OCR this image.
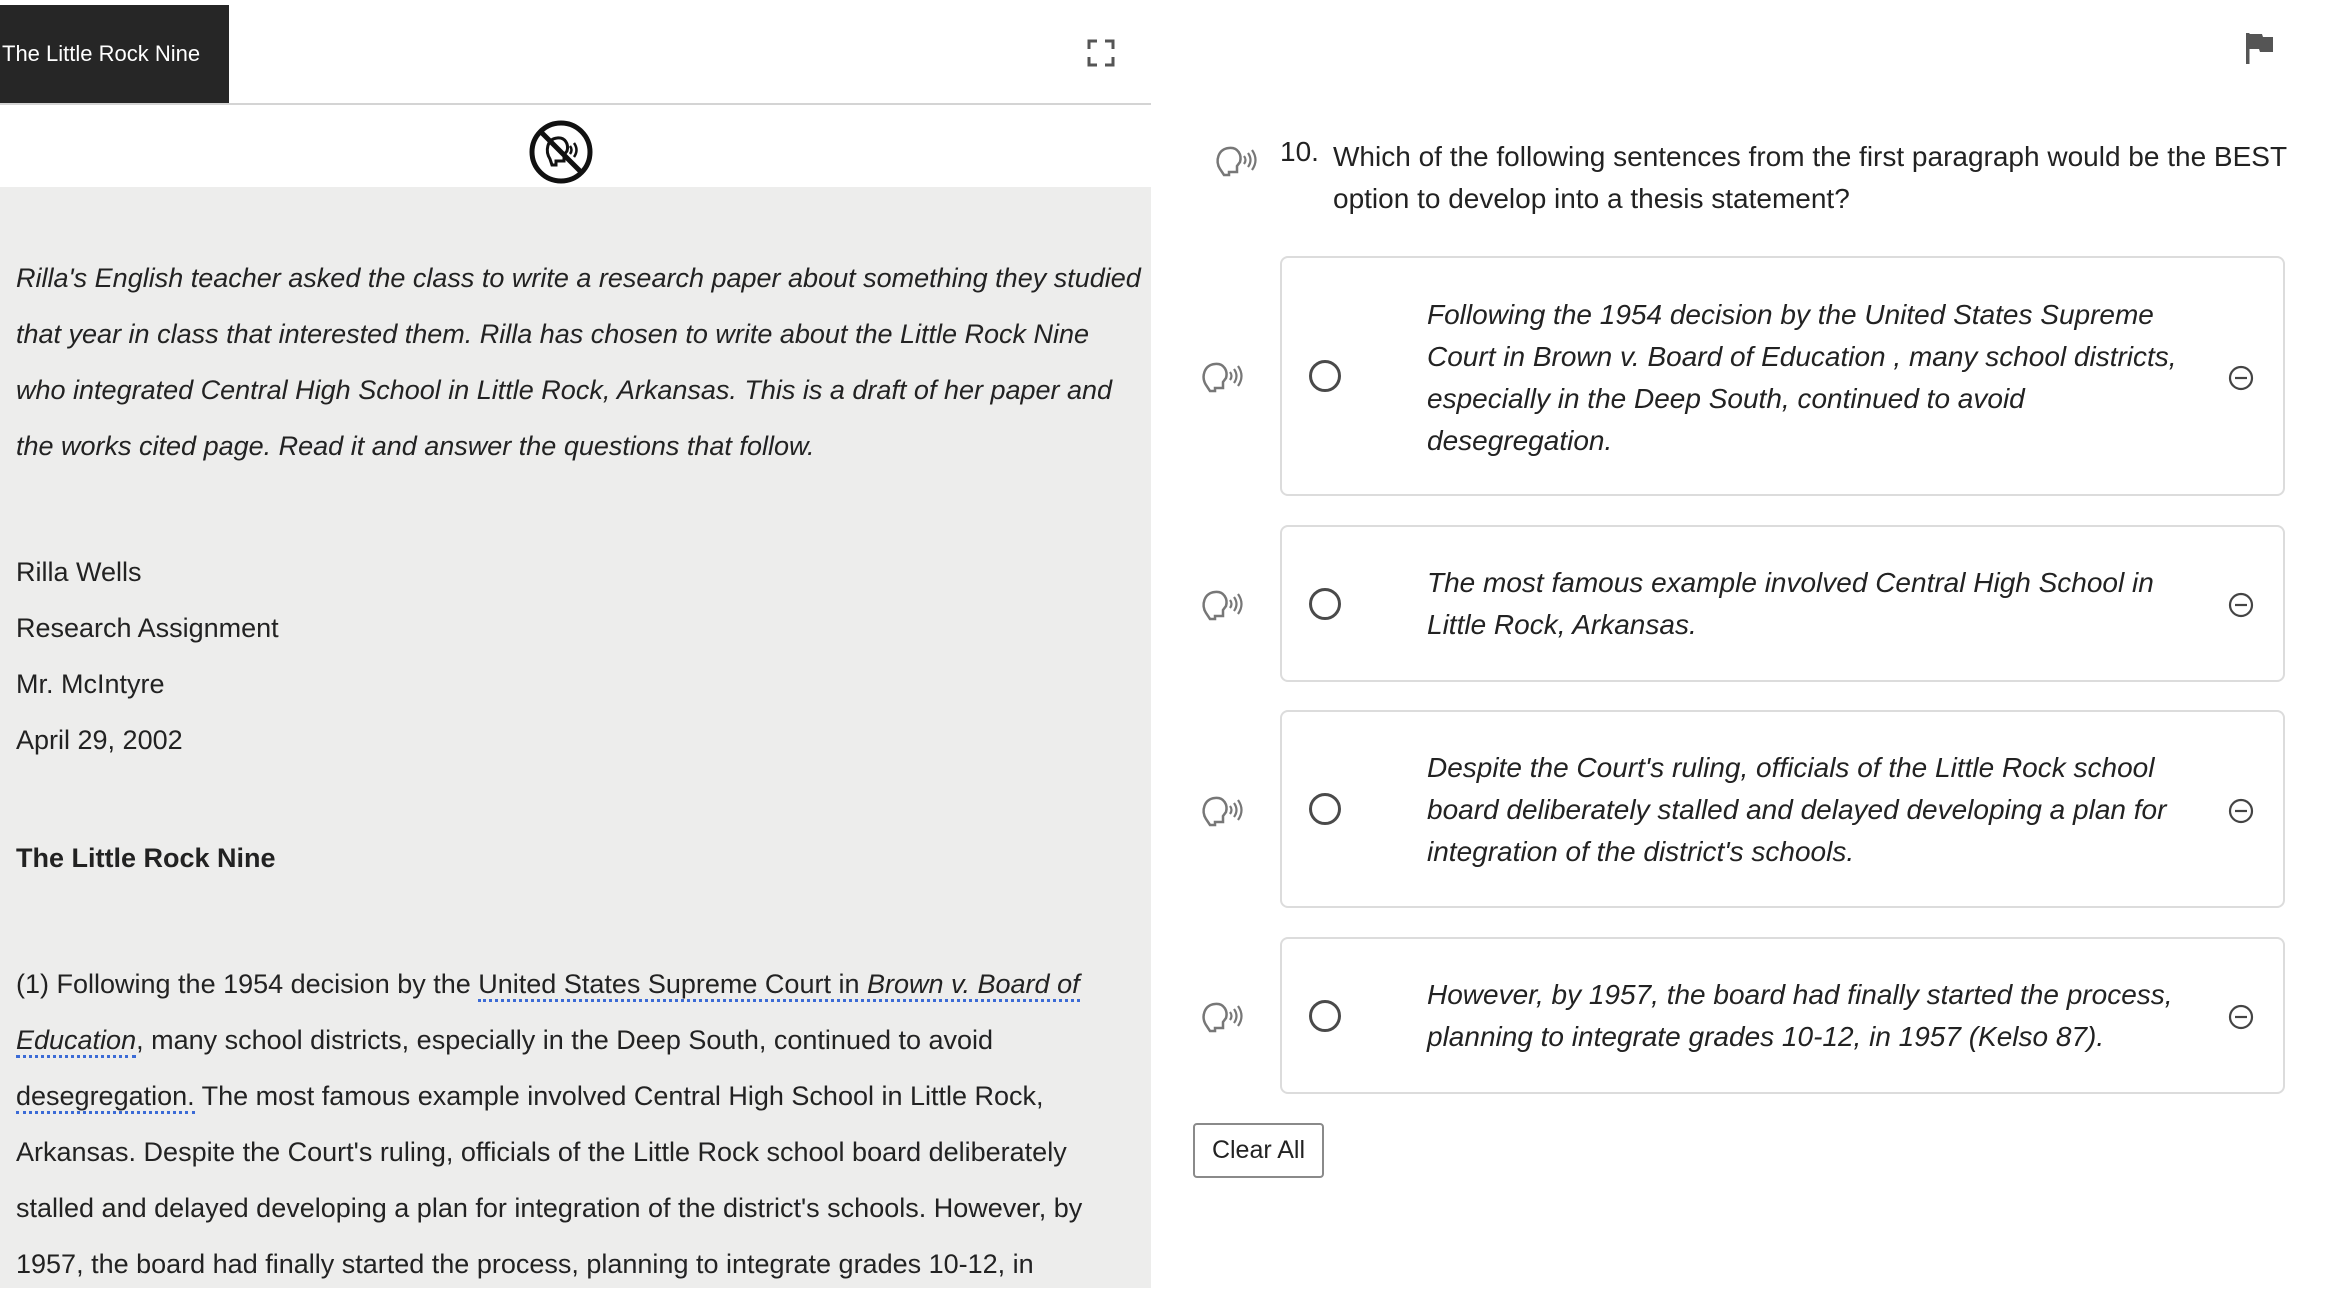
The Little Rock Nine

Rilla's English teacher asked the class to write a research paper about something they studied that year in class that interested them. Rilla has chosen to write about the Little Rock Nine who integrated Central High School in Little Rock, Arkansas. This is a draft of her paper and the works cited page. Read it and answer the questions that follow.

Rilla Wells
Research Assignment
Mr. McIntyre
April 29, 2002
The Little Rock Nine
(1) Following the 1954 decision by the United States Supreme Court in Brown v. Board of Education, many school districts, especially in the Deep South, continued to avoid desegregation. The most famous example involved Central High School in Little Rock, Arkansas. Despite the Court's ruling, officials of the Little Rock school board deliberately stalled and delayed developing a plan for integration of the district's schools. However, by 1957, the board had finally started the process, planning to integrate grades 10-12, in
10. Which of the following sentences from the first paragraph would be the BEST option to develop into a thesis statement?
Following the 1954 decision by the United States Supreme Court in Brown v. Board of Education , many school districts, especially in the Deep South, continued to avoid desegregation.
The most famous example involved Central High School in Little Rock, Arkansas.
Despite the Court's ruling, officials of the Little Rock school board deliberately stalled and delayed developing a plan for integration of the district's schools.
However, by 1957, the board had finally started the process, planning to integrate grades 10-12, in 1957 (Kelso 87).
Clear All
